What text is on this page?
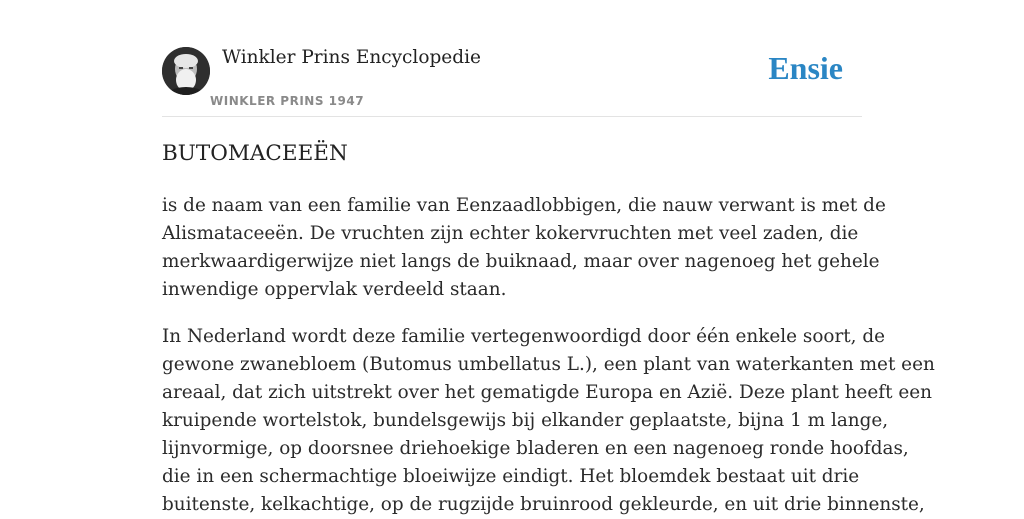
Winkler Prins Encyclopedie
WINKLER PRINS 1947
Ensie
BUTOMACEEËN

is de naam van een familie van Eenzaadlobbigen, die nauw verwant is met de
Alismataceeën. De vruchten zijn echter kokervruchten met veel zaden, die
merkwaardigerwijze niet langs de buiknaad, maar over nagenoeg het gehele
inwendige oppervlak verdeeld staan.

In Nederland wordt deze familie vertegenwoordigd door één enkele soort, de
gewone zwanebloem (Butomus umbellatus L.), een plant van waterkanten met een
areaal, dat zich uitstrekt over het gematigde Europa en Azië. Deze plant heeft een
kruipende wortelstok, bundelsgewijs bij elkander geplaatste, bijna 1 m lange,
lijnvormige, op doorsnee driehoekige bladeren en een nagenoeg ronde hoofdas,
die in een schermachtige bloeiwijze eindigt. Het bloemdek bestaat uit drie
buitenste, kelkachtige, op de rugzijde bruinrood gekleurde, en uit drie binnenste,
